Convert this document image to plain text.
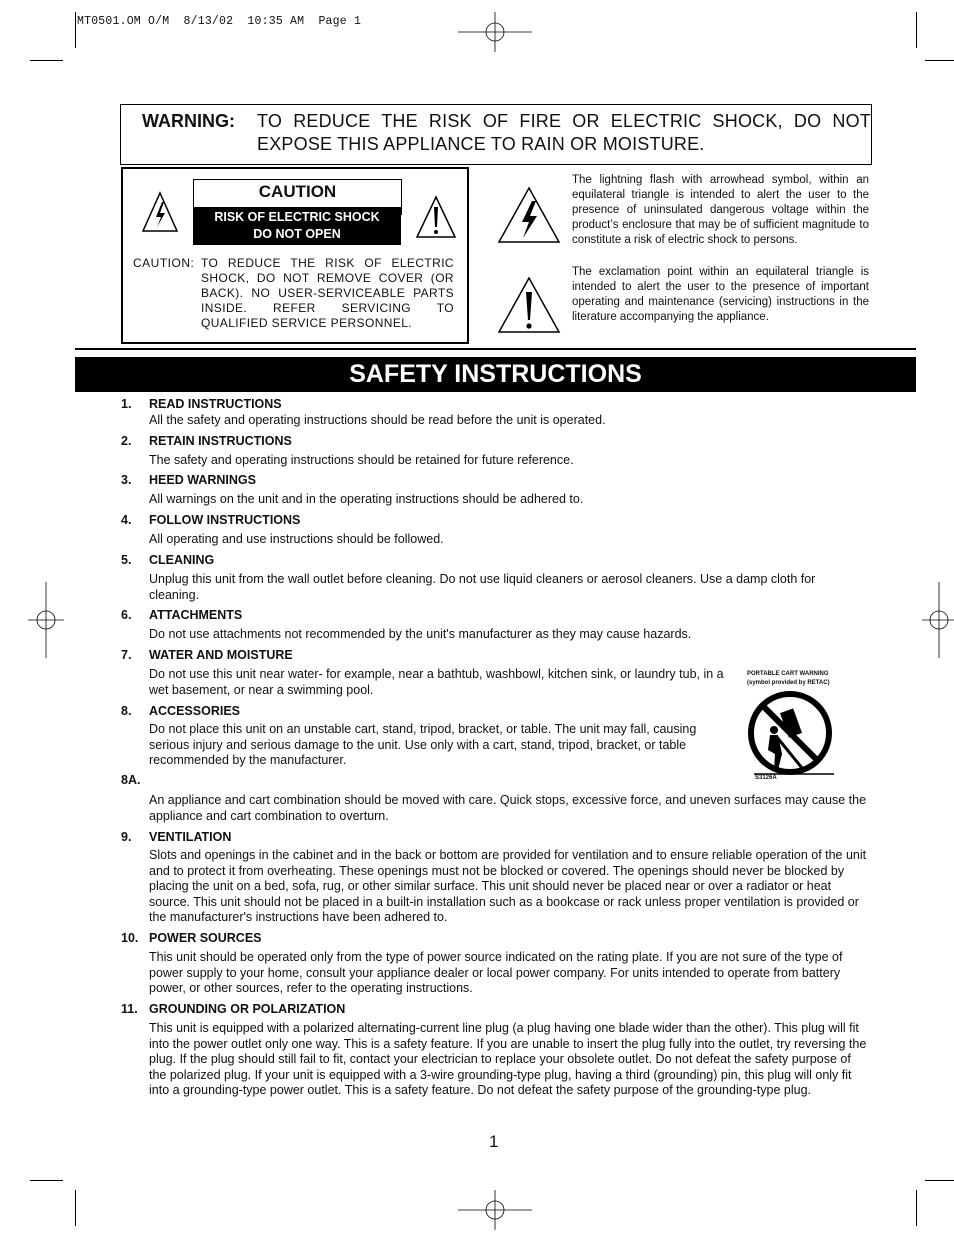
MT0501.OM O/M  8/13/02  10:35 AM  Page 1
WARNING: TO REDUCE THE RISK OF FIRE OR ELECTRIC SHOCK, DO NOT EXPOSE THIS APPLIANCE TO RAIN OR MOISTURE.
CAUTION
RISK OF ELECTRIC SHOCK
DO NOT OPEN
CAUTION: TO REDUCE THE RISK OF ELECTRIC SHOCK, DO NOT REMOVE COVER (OR BACK). NO USER-SERVICEABLE PARTS INSIDE. REFER SERVICING TO QUALIFIED SERVICE PERSONNEL.
The lightning flash with arrowhead symbol, within an equilateral triangle is intended to alert the user to the presence of uninsulated dangerous voltage within the product’s enclosure that may be of sufficient magnitude to constitute a risk of electric shock to persons.
The exclamation point within an equilateral triangle is intended to alert the user to the presence of important operating and maintenance (servicing) instructions in the literature accompanying the appliance.
SAFETY INSTRUCTIONS
1. READ INSTRUCTIONS
All the safety and operating instructions should be read before the unit is operated.
2. RETAIN INSTRUCTIONS
The safety and operating instructions should be retained for future reference.
3. HEED WARNINGS
All warnings on the unit and in the operating instructions should be adhered to.
4. FOLLOW INSTRUCTIONS
All operating and use instructions should be followed.
5. CLEANING
Unplug this unit from the wall outlet before cleaning. Do not use liquid cleaners or aerosol cleaners. Use a damp cloth for cleaning.
6. ATTACHMENTS
Do not use attachments not recommended by the unit's manufacturer as they may cause hazards.
7. WATER AND MOISTURE
Do not use this unit near water- for example, near a bathtub, washbowl, kitchen sink, or laundry tub, in a wet basement, or near a swimming pool.
8. ACCESSORIES
Do not place this unit on an unstable cart, stand, tripod, bracket, or table. The unit may fall, causing serious injury and serious damage to the unit. Use only with a cart, stand, tripod, bracket, or table recommended by the manufacturer.
8A.
An appliance and cart combination should be moved with care. Quick stops, excessive force, and uneven surfaces may cause the appliance and cart combination to overturn.
9. VENTILATION
Slots and openings in the cabinet and in the back or bottom are provided for ventilation and to ensure reliable operation of the unit and to protect it from overheating. These openings must not be blocked or covered. The openings should never be blocked by placing the unit on a bed, sofa, rug, or other similar surface. This unit should never be placed near or over a radiator or heat source. This unit should not be placed in a built-in installation such as a bookcase or rack unless proper ventilation is provided or the manufacturer's instructions have been adhered to.
10. POWER SOURCES
This unit should be operated only from the type of power source indicated on the rating plate. If you are not sure of the type of power supply to your home, consult your appliance dealer or local power company. For units intended to operate from battery power, or other sources, refer to the operating instructions.
11. GROUNDING OR POLARIZATION
This unit is equipped with a polarized alternating-current line plug (a plug having one blade wider than the other). This plug will fit into the power outlet only one way. This is a safety feature. If you are unable to insert the plug fully into the outlet, try reversing the plug. If the plug should still fail to fit, contact your electrician to replace your obsolete outlet. Do not defeat the safety purpose of the polarized plug. If your unit is equipped with a 3-wire grounding-type plug, having a third (grounding) pin, this plug will only fit into a grounding-type power outlet. This is a safety feature. Do not defeat the safety purpose of the grounding-type plug.
PORTABLE CART WARNING
(symbol provided by RETAC)
S3126A
1
